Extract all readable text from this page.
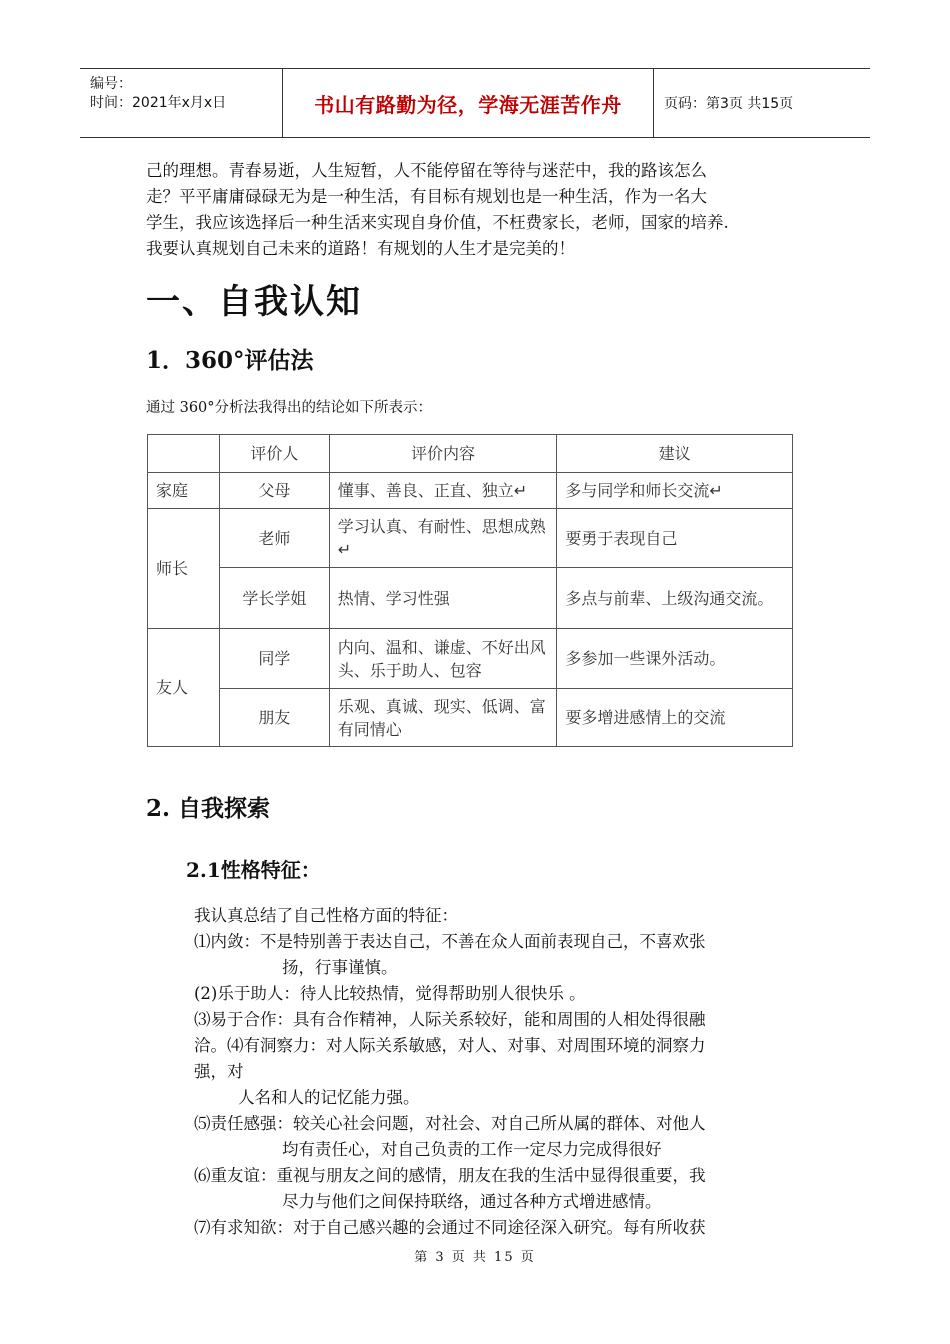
编号：
时间：2021年x月x日	书山有路勤为径，学海无涯苦作舟	页码：第3页 共15页
己的理想。青春易逝，人生短暂，人不能停留在等待与迷茫中，我的路该怎么
走？平平庸庸碌碌无为是一种生活，有目标有规划也是一种生活，作为一名大
学生，我应该选择后一种生活来实现自身价值，不枉费家长，老师，国家的培养.
我要认真规划自己未来的道路！有规划的人生才是完美的！
一、自我认知
1．360°评估法
通过 360°分析法我得出的结论如下所表示：
	评价人	评价内容	建议
家庭	父母	懂事、善良、正直、独立↵	多与同学和师长交流↵
师长	老师	学习认真、有耐性、思想成熟↵	要勇于表现自己
	学长学姐	热情、学习性强	多点与前辈、上级沟通交流。
友人	同学	内向、温和、谦虚、不好出风头、乐于助人、包容	多参加一些课外活动。
	朋友	乐观、真诚、现实、低调、富有同情心	要多增进感情上的交流
2. 自我探索
2.1性格特征：
我认真总结了自己性格方面的特征：
⑴内敛：不是特别善于表达自己，不善在众人面前表现自己，不喜欢张
扬，行事谨慎。
(2)乐于助人：待人比较热情，觉得帮助别人很快乐 。
⑶易于合作：具有合作精神，人际关系较好，能和周围的人相处得很融
洽。⑷有洞察力：对人际关系敏感，对人、对事、对周围环境的洞察力
强，对
人名和人的记忆能力强。
⑸责任感强：较关心社会问题，对社会、对自己所从属的群体、对他人
均有责任心，对自己负责的工作一定尽力完成得很好
⑹重友谊：重视与朋友之间的感情，朋友在我的生活中显得很重要，我
尽力与他们之间保持联络，通过各种方式增进感情。
⑺有求知欲：对于自己感兴趣的会通过不同途径深入研究。每有所收获
第 3 页 共 15 页
